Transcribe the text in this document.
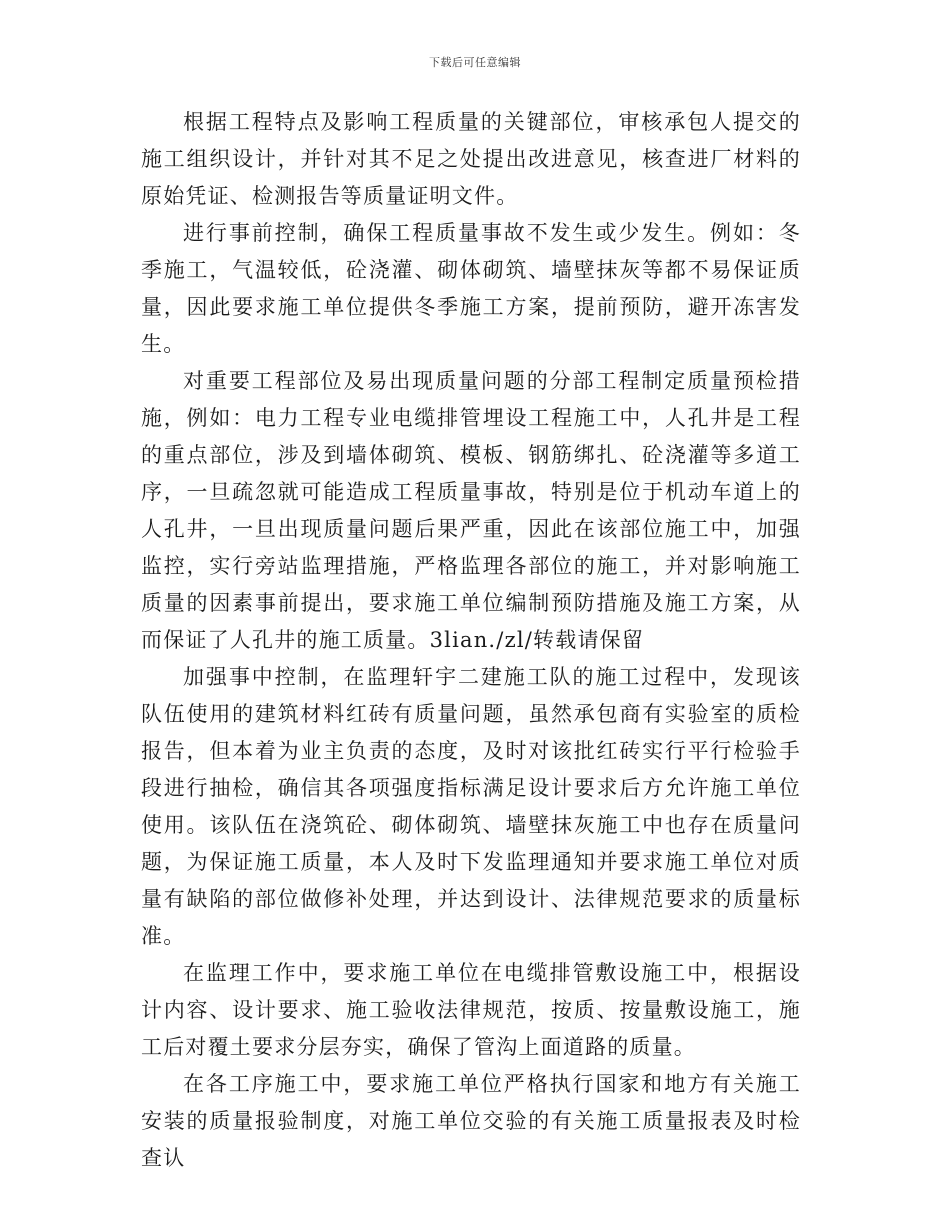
下载后可任意编辑

根据工程特点及影响工程质量的关键部位，审核承包人提交的施工组织设计，并针对其不足之处提出改进意见，核查进厂材料的原始凭证、检测报告等质量证明文件。

进行事前控制，确保工程质量事故不发生或少发生。例如：冬季施工，气温较低，砼浇灌、砌体砌筑、墙壁抹灰等都不易保证质量，因此要求施工单位提供冬季施工方案，提前预防，避开冻害发生。

对重要工程部位及易出现质量问题的分部工程制定质量预检措施，例如：电力工程专业电缆排管埋设工程施工中，人孔井是工程的重点部位，涉及到墙体砌筑、模板、钢筋绑扎、砼浇灌等多道工序，一旦疏忽就可能造成工程质量事故，特别是位于机动车道上的人孔井，一旦出现质量问题后果严重，因此在该部位施工中，加强监控，实行旁站监理措施，严格监理各部位的施工，并对影响施工质量的因素事前提出，要求施工单位编制预防措施及施工方案，从而保证了人孔井的施工质量。3lian./zl/转载请保留

加强事中控制，在监理轩宇二建施工队的施工过程中，发现该队伍使用的建筑材料红砖有质量问题，虽然承包商有实验室的质检报告，但本着为业主负责的态度，及时对该批红砖实行平行检验手段进行抽检，确信其各项强度指标满足设计要求后方允许施工单位使用。该队伍在浇筑砼、砌体砌筑、墙壁抹灰施工中也存在质量问题，为保证施工质量，本人及时下发监理通知并要求施工单位对质量有缺陷的部位做修补处理，并达到设计、法律规范要求的质量标准。

在监理工作中，要求施工单位在电缆排管敷设施工中，根据设计内容、设计要求、施工验收法律规范，按质、按量敷设施工，施工后对覆土要求分层夯实，确保了管沟上面道路的质量。

在各工序施工中，要求施工单位严格执行国家和地方有关施工安装的质量报验制度，对施工单位交验的有关施工质量报表及时检查认
